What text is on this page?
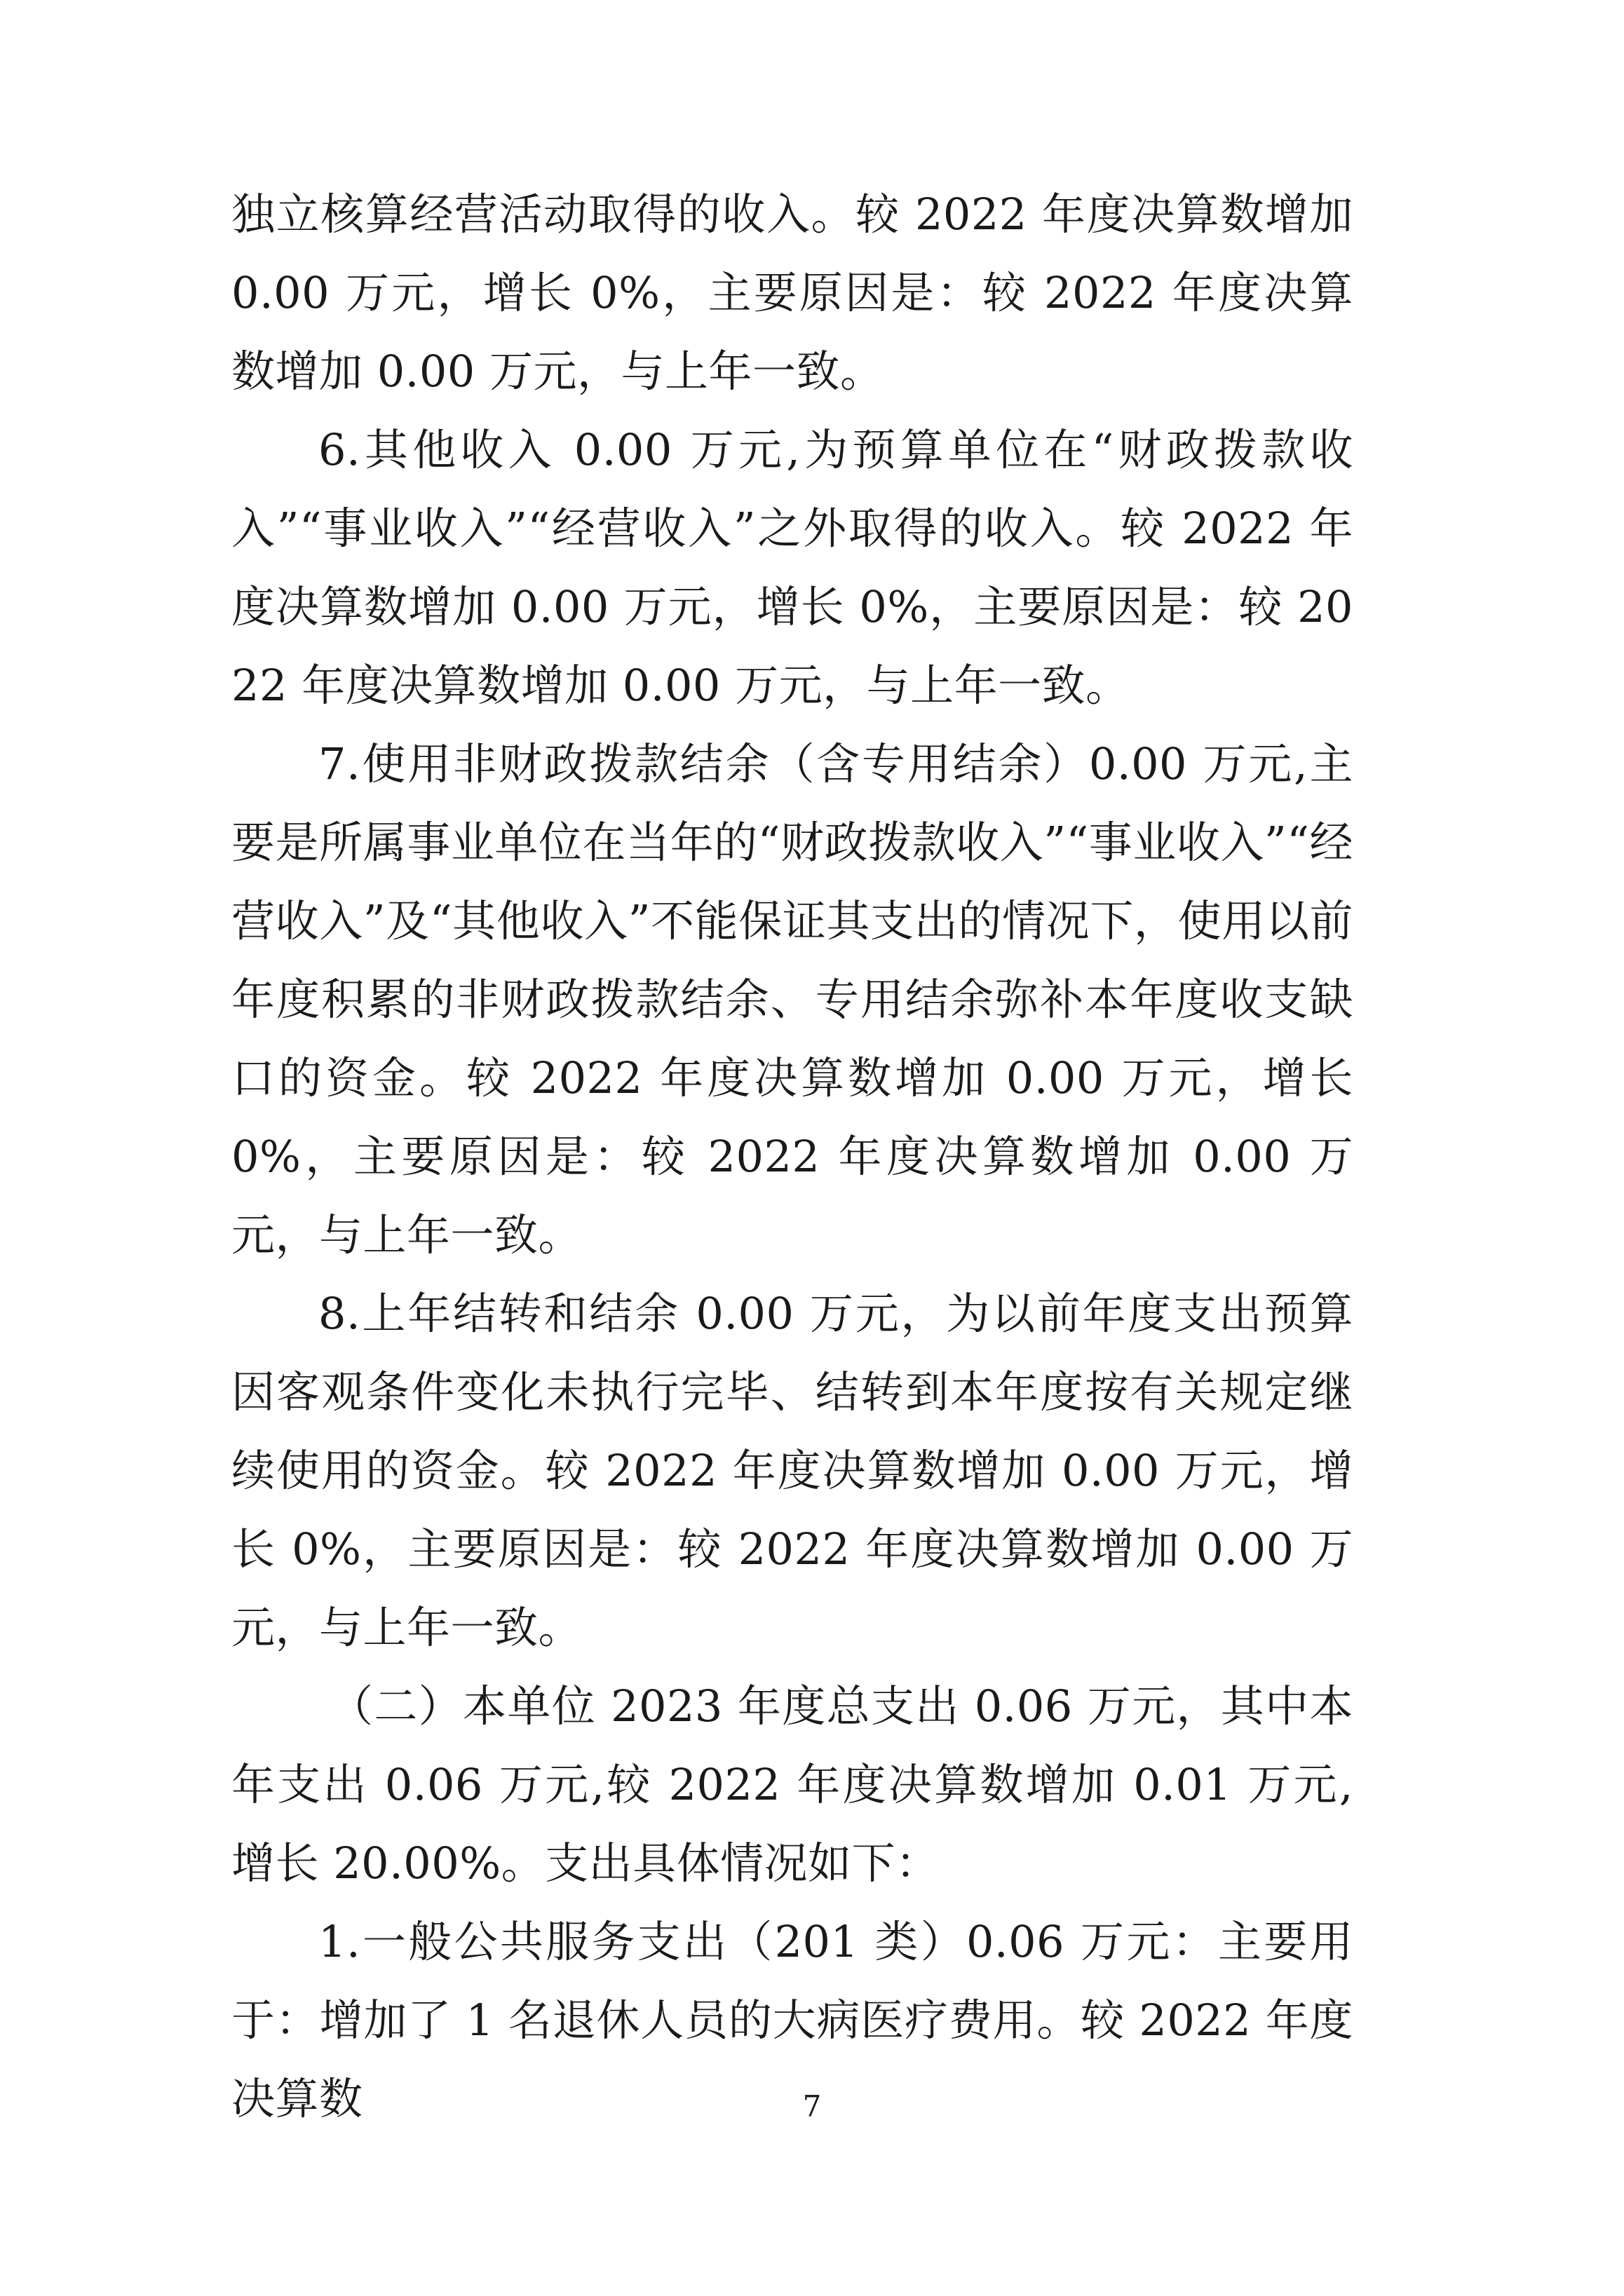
独立核算经营活动取得的收入。较 2022 年度决算数增加 0.00 万元，增长 0%，主要原因是：较 2022 年度决算数增加 0.00 万元，与上年一致。

6.其他收入 0.00 万元,为预算单位在“财政拨款收入”“事业收入”“经营收入”之外取得的收入。较 2022 年度决算数增加 0.00 万元，增长 0%，主要原因是：较 2022 年度决算数增加 0.00 万元，与上年一致。

7.使用非财政拨款结余（含专用结余）0.00 万元,主要是所属事业单位在当年的“财政拨款收入”“事业收入”“经营收入”及“其他收入”不能保证其支出的情况下，使用以前年度积累的非财政拨款结余、专用结余弥补本年度收支缺口的资金。较 2022 年度决算数增加 0.00 万元，增长 0%，主要原因是：较 2022 年度决算数增加 0.00 万元，与上年一致。

8.上年结转和结余 0.00 万元，为以前年度支出预算因客观条件变化未执行完毕、结转到本年度按有关规定继续使用的资金。较 2022 年度决算数增加 0.00 万元，增长 0%，主要原因是：较 2022 年度决算数增加 0.00 万元，与上年一致。

（二）本单位 2023 年度总支出 0.06 万元，其中本年支出 0.06 万元,较 2022 年度决算数增加 0.01 万元,增长 20.00%。支出具体情况如下：

1.一般公共服务支出（201 类）0.06 万元：主要用于：增加了 1 名退休人员的大病医疗费用。较 2022 年度决算数	7
